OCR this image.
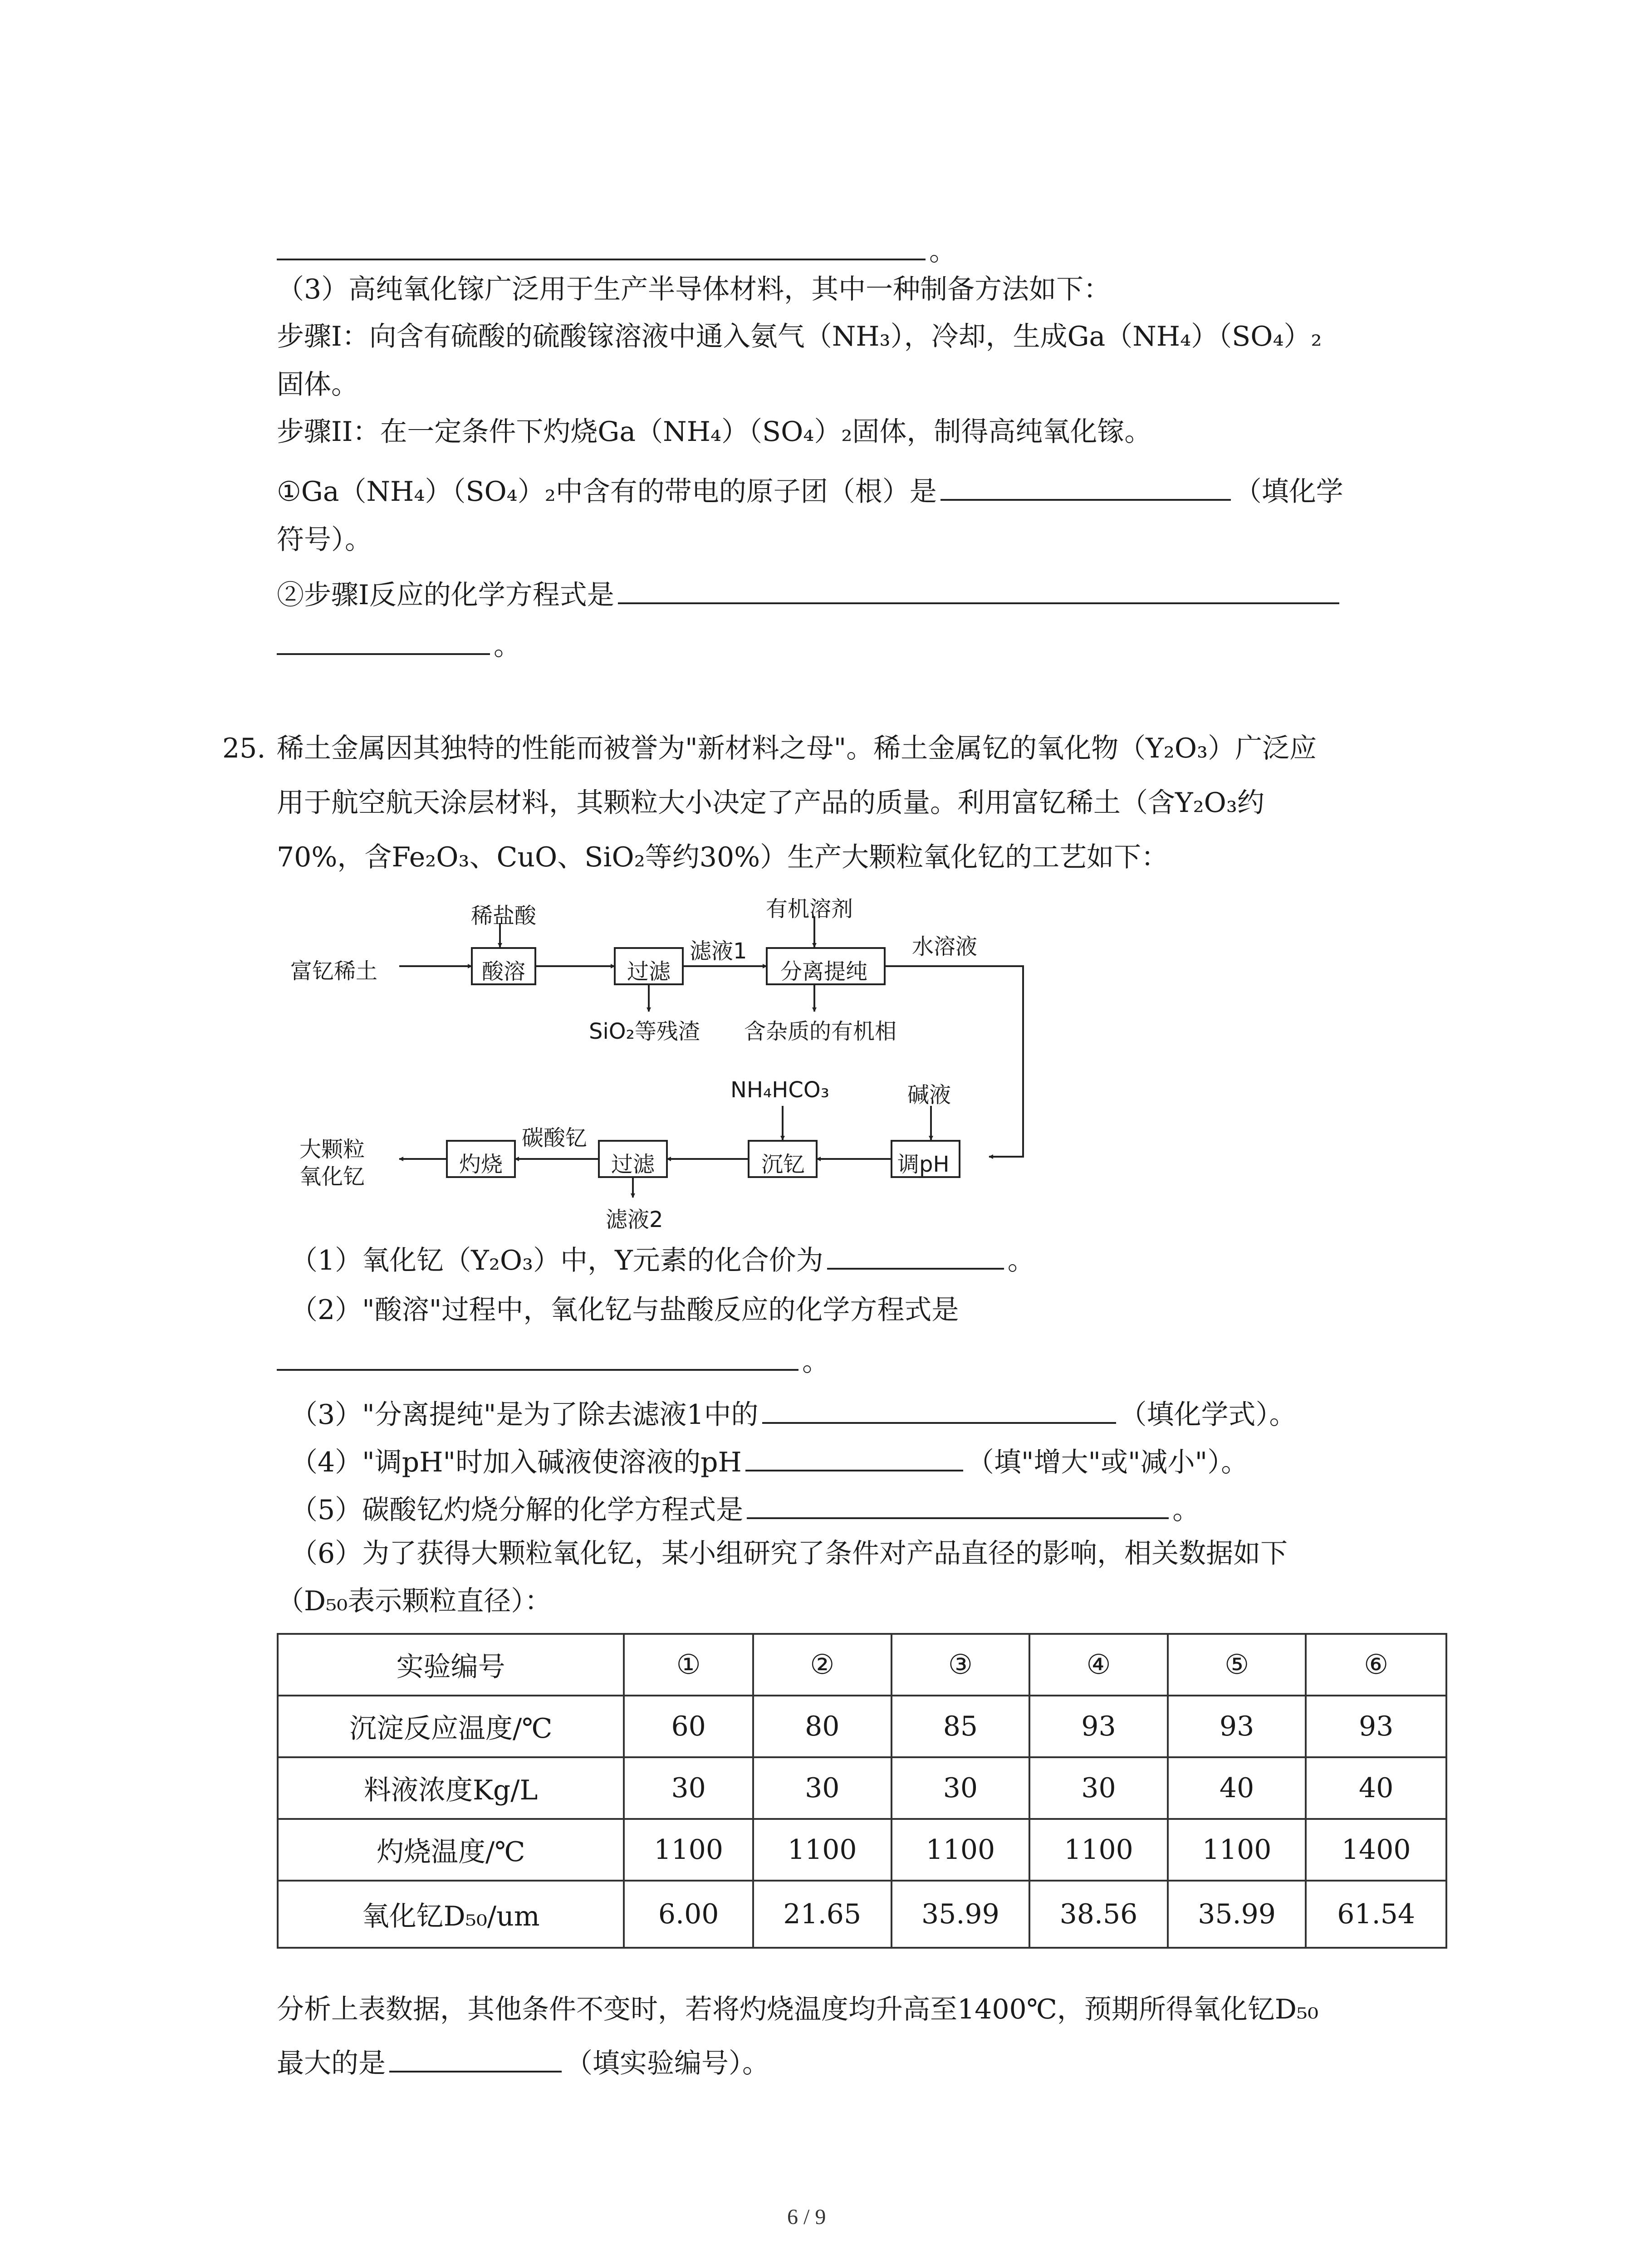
。
（3）高纯氧化镓广泛用于生产半导体材料，其中一种制备方法如下：
步骤I：向含有硫酸的硫酸镓溶液中通入氨气（NH₃），冷却，生成Ga（NH₄）（SO₄）₂
固体。
步骤II：在一定条件下灼烧Ga（NH₄）（SO₄）₂固体，制得高纯氧化镓。
①Ga（NH₄）（SO₄）₂中含有的带电的原子团（根）是	（填化学
符号）。
②步骤I反应的化学方程式是
。
25. 稀土金属因其独特的性能而被誉为"新材料之母"。稀土金属钇的氧化物（Y₂O₃）广泛应
用于航空航天涂层材料，其颗粒大小决定了产品的质量。利用富钇稀土（含Y₂O₃约
70%，含Fe₂O₃、CuO、SiO₂等约30%）生产大颗粒氧化钇的工艺如下：
富钇稀土
稀盐酸
酸溶	过滤
滤液1
有机溶剂
分离提纯
水溶液
SiO₂等残渣 含杂质的有机相
NH₄HCO₃	碱液
调pH
沉钇
过滤
滤液2
碳酸钇
灼烧
大颗粒
氧化钇
（1）氧化钇（Y₂O₃）中，Y元素的化合价为	。
（2）"酸溶"过程中，氧化钇与盐酸反应的化学方程式是
。
（3）"分离提纯"是为了除去滤液1中的	（填化学式）。
（4）"调pH"时加入碱液使溶液的pH	（填"增大"或"减小"）。
（5）碳酸钇灼烧分解的化学方程式是	。
（6）为了获得大颗粒氧化钇，某小组研究了条件对产品直径的影响，相关数据如下
（D₅₀表示颗粒直径）：
实验编号	①	②	③	④	⑤	⑥
沉淀反应温度/℃	60	80	85	93	93	93
料液浓度Kg/L	30	30	30	30	40	40
灼烧温度/℃	1100	1100	1100	1100	1100	1400
氧化钇D₅₀/um	6.00	21.65	35.99	38.56	35.99	61.54
分析上表数据，其他条件不变时，若将灼烧温度均升高至1400℃，预期所得氧化钇D₅₀
最大的是	（填实验编号）。
6 / 9
